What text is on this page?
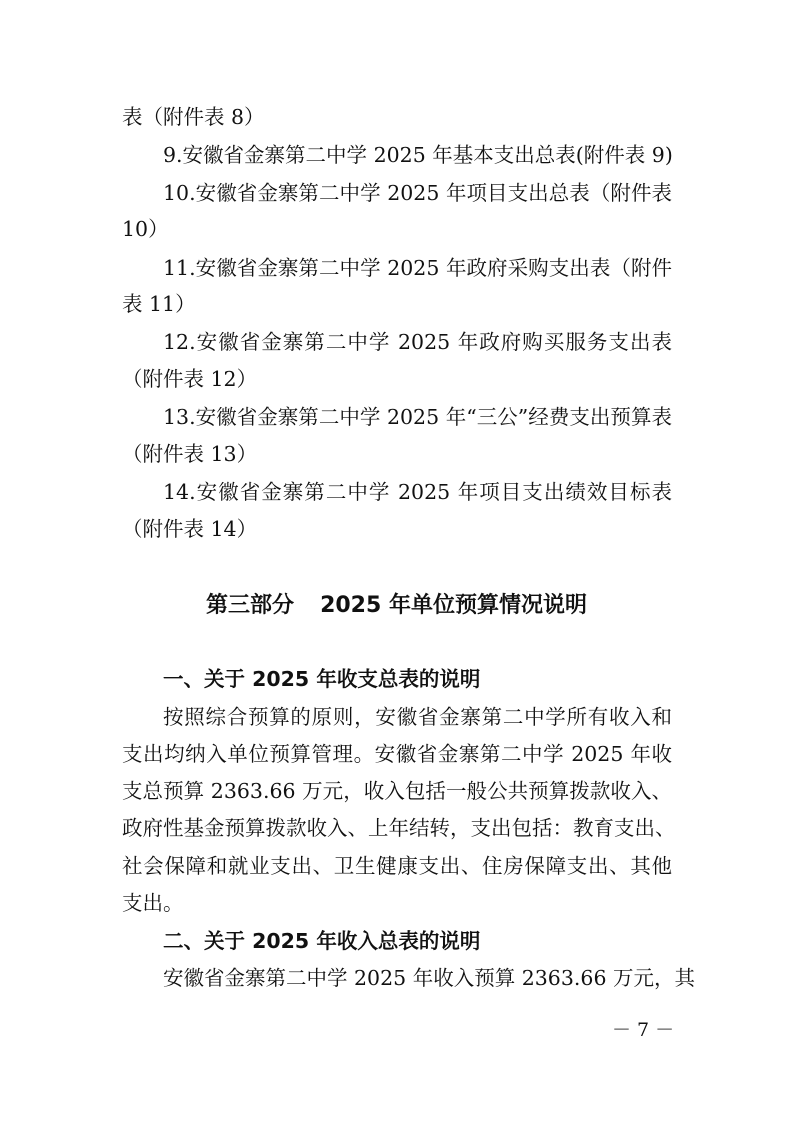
表（附件表 8）
9.安徽省金寨第二中学 2025 年基本支出总表(附件表 9)
10.安徽省金寨第二中学 2025 年项目支出总表（附件表
10）
11.安徽省金寨第二中学 2025 年政府采购支出表（附件
表 11）
12.安徽省金寨第二中学 2025 年政府购买服务支出表
（附件表 12）
13.安徽省金寨第二中学 2025 年“三公”经费支出预算表
（附件表 13）
14.安徽省金寨第二中学 2025 年项目支出绩效目标表
（附件表 14）
第三部分 2025 年单位预算情况说明
一、关于 2025 年收支总表的说明
按照综合预算的原则，安徽省金寨第二中学所有收入和
支出均纳入单位预算管理。安徽省金寨第二中学 2025 年收
支总预算 2363.66 万元，收入包括一般公共预算拨款收入、
政府性基金预算拨款收入、上年结转，支出包括：教育支出、
社会保障和就业支出、卫生健康支出、住房保障支出、其他
支出。
二、关于 2025 年收入总表的说明
安徽省金寨第二中学 2025 年收入预算 2363.66 万元，其
－ 7 －
